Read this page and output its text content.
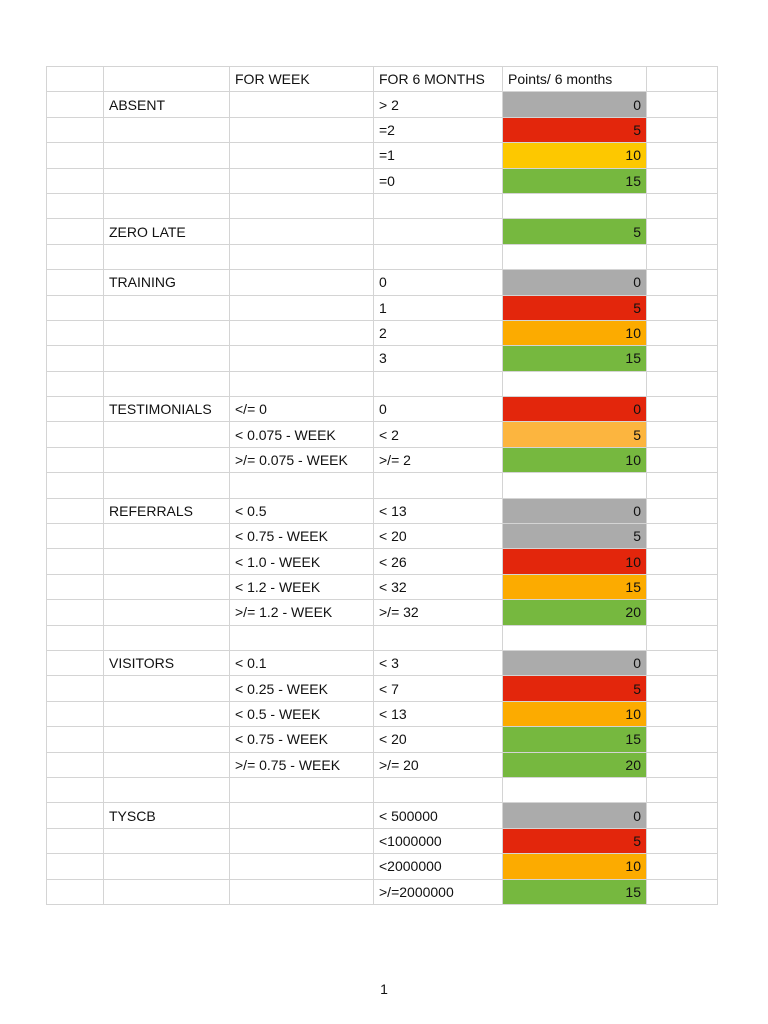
		FOR WEEK	FOR 6 MONTHS	Points/ 6 months	
	ABSENT		> 2	0	
			=2	5	
			=1	10	
			=0	15	

	ZERO LATE			5	

	TRAINING		0	0	
			1	5	
			2	10	
			3	15	

	TESTIMONIALS	</= 0	0	0	
		< 0.075 - WEEK	< 2	5	
		>/= 0.075 - WEEK	>/= 2	10	

	REFERRALS	< 0.5	< 13	0	
		< 0.75 - WEEK	< 20	5	
		< 1.0 - WEEK	< 26	10	
		< 1.2 - WEEK	< 32	15	
		>/= 1.2 - WEEK	>/= 32	20	

	VISITORS	< 0.1	< 3	0	
		< 0.25 - WEEK	< 7	5	
		< 0.5 - WEEK	< 13	10	
		< 0.75 - WEEK	< 20	15	
		>/= 0.75 - WEEK	>/= 20	20	

	TYSCB		< 500000	0	
			<1000000	5	
			<2000000	10	
			>/=2000000	15	
1
